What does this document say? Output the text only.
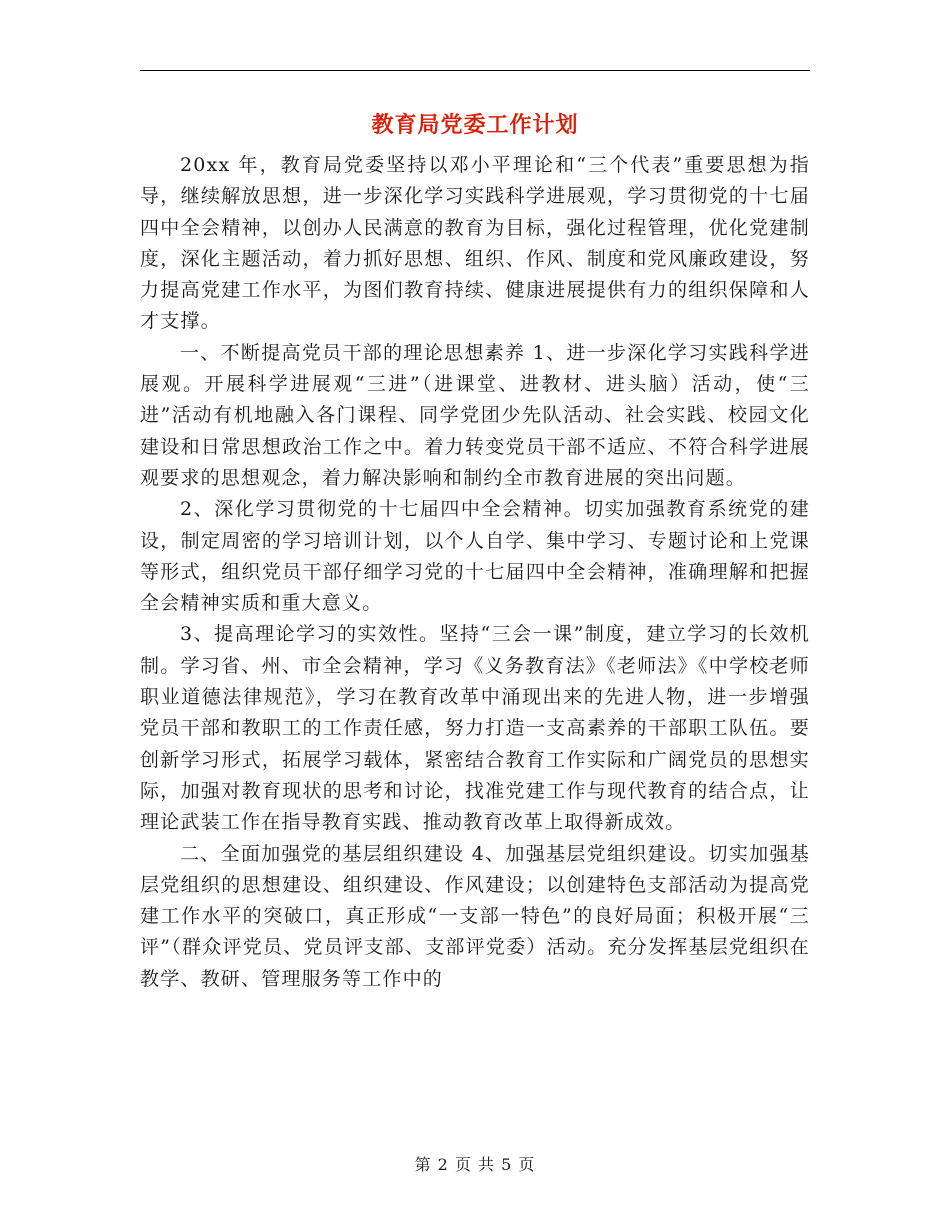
教育局党委工作计划

20xx 年，教育局党委坚持以邓小平理论和“三个代表”重要思想为指导，继续解放思想，进一步深化学习实践科学进展观，学习贯彻党的十七届四中全会精神，以创办人民满意的教育为目标，强化过程管理，优化党建制度，深化主题活动，着力抓好思想、组织、作风、制度和党风廉政建设，努力提高党建工作水平，为图们教育持续、健康进展提供有力的组织保障和人才支撑。

一、不断提高党员干部的理论思想素养 1、进一步深化学习实践科学进展观。开展科学进展观“三进”（进课堂、进教材、进头脑）活动，使“三进”活动有机地融入各门课程、同学党团少先队活动、社会实践、校园文化建设和日常思想政治工作之中。着力转变党员干部不适应、不符合科学进展观要求的思想观念，着力解决影响和制约全市教育进展的突出问题。

2、深化学习贯彻党的十七届四中全会精神。切实加强教育系统党的建设，制定周密的学习培训计划，以个人自学、集中学习、专题讨论和上党课等形式，组织党员干部仔细学习党的十七届四中全会精神，准确理解和把握全会精神实质和重大意义。

3、提高理论学习的实效性。坚持“三会一课”制度，建立学习的长效机制。学习省、州、市全会精神，学习《义务教育法》《老师法》《中学校老师职业道德法律规范》，学习在教育改革中涌现出来的先进人物，进一步增强党员干部和教职工的工作责任感，努力打造一支高素养的干部职工队伍。要创新学习形式，拓展学习载体，紧密结合教育工作实际和广阔党员的思想实际，加强对教育现状的思考和讨论，找准党建工作与现代教育的结合点，让理论武装工作在指导教育实践、推动教育改革上取得新成效。

二、全面加强党的基层组织建设 4、加强基层党组织建设。切实加强基层党组织的思想建设、组织建设、作风建设；以创建特色支部活动为提高党建工作水平的突破口，真正形成“一支部一特色”的良好局面；积极开展“三评”（群众评党员、党员评支部、支部评党委）活动。充分发挥基层党组织在教学、教研、管理服务等工作中的

第 2 页 共 5 页
